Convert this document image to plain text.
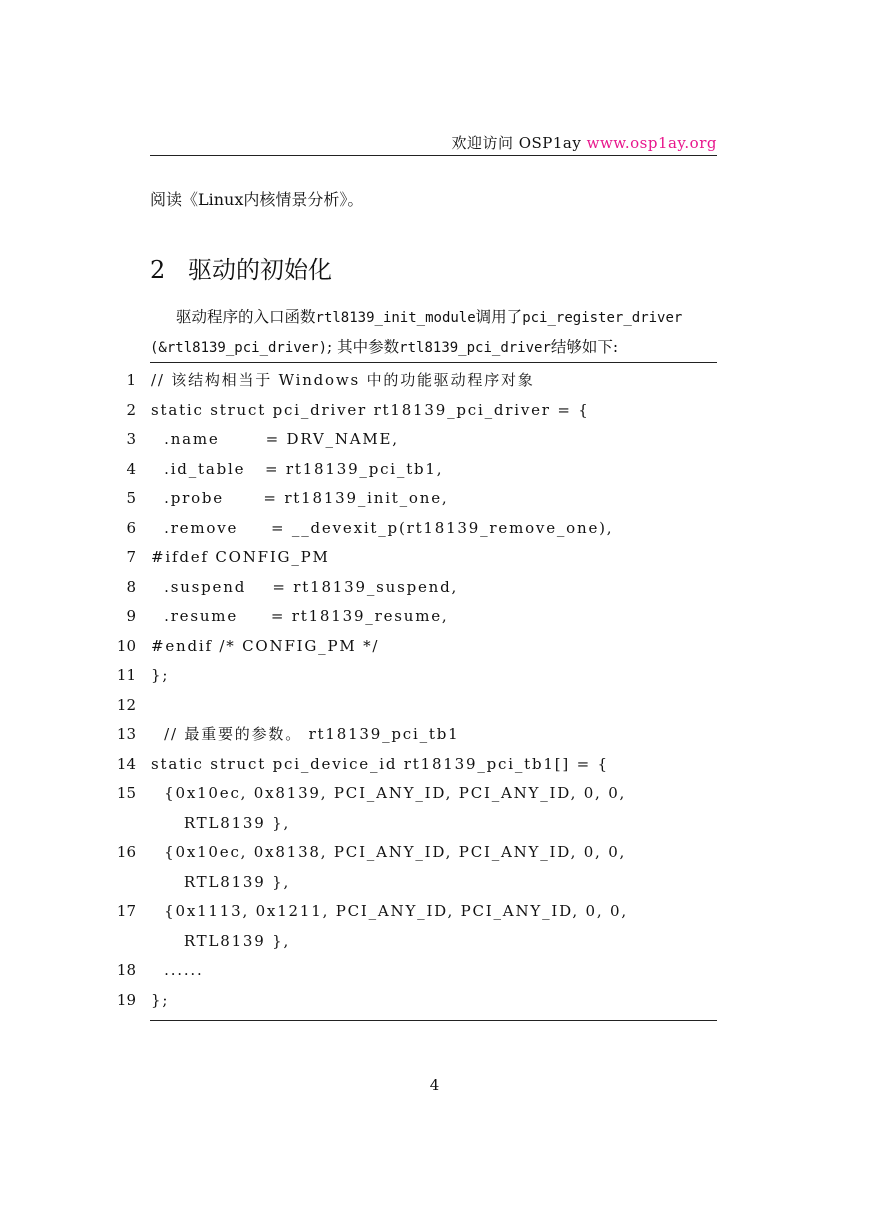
欢迎访问 OSP1ay www.osp1ay.org
阅读《Linux内核情景分析》。
2 驱动的初始化
驱动程序的入口函数rtl8139_init_module调用了pci_register_driver
(&rtl8139_pci_driver); 其中参数rtl8139_pci_driver结够如下:
1 // 该结构相当于 Windows 中的功能驱动程序对象
2 static struct pci_driver rt18139_pci_driver = {
3 .name       = DRV_NAME,
4 .id_table   = rt18139_pci_tb1,
5 .probe      = rt18139_init_one,
6 .remove     = __devexit_p(rt18139_remove_one),
7 #ifdef CONFIG_PM
8 .suspend    = rt18139_suspend,
9 .resume     = rt18139_resume,
10 #endif /* CONFIG_PM */
11 };
12
13 // 最重要的参数。 rt18139_pci_tb1
14 static struct pci_device_id rt18139_pci_tb1[] = {
15 {0x10ec, 0x8139, PCI_ANY_ID, PCI_ANY_ID, 0, 0,
RTL8139 },
16 {0x10ec, 0x8138, PCI_ANY_ID, PCI_ANY_ID, 0, 0,
RTL8139 },
17 {0x1113, 0x1211, PCI_ANY_ID, PCI_ANY_ID, 0, 0,
RTL8139 },
18 ......
19 };
4
